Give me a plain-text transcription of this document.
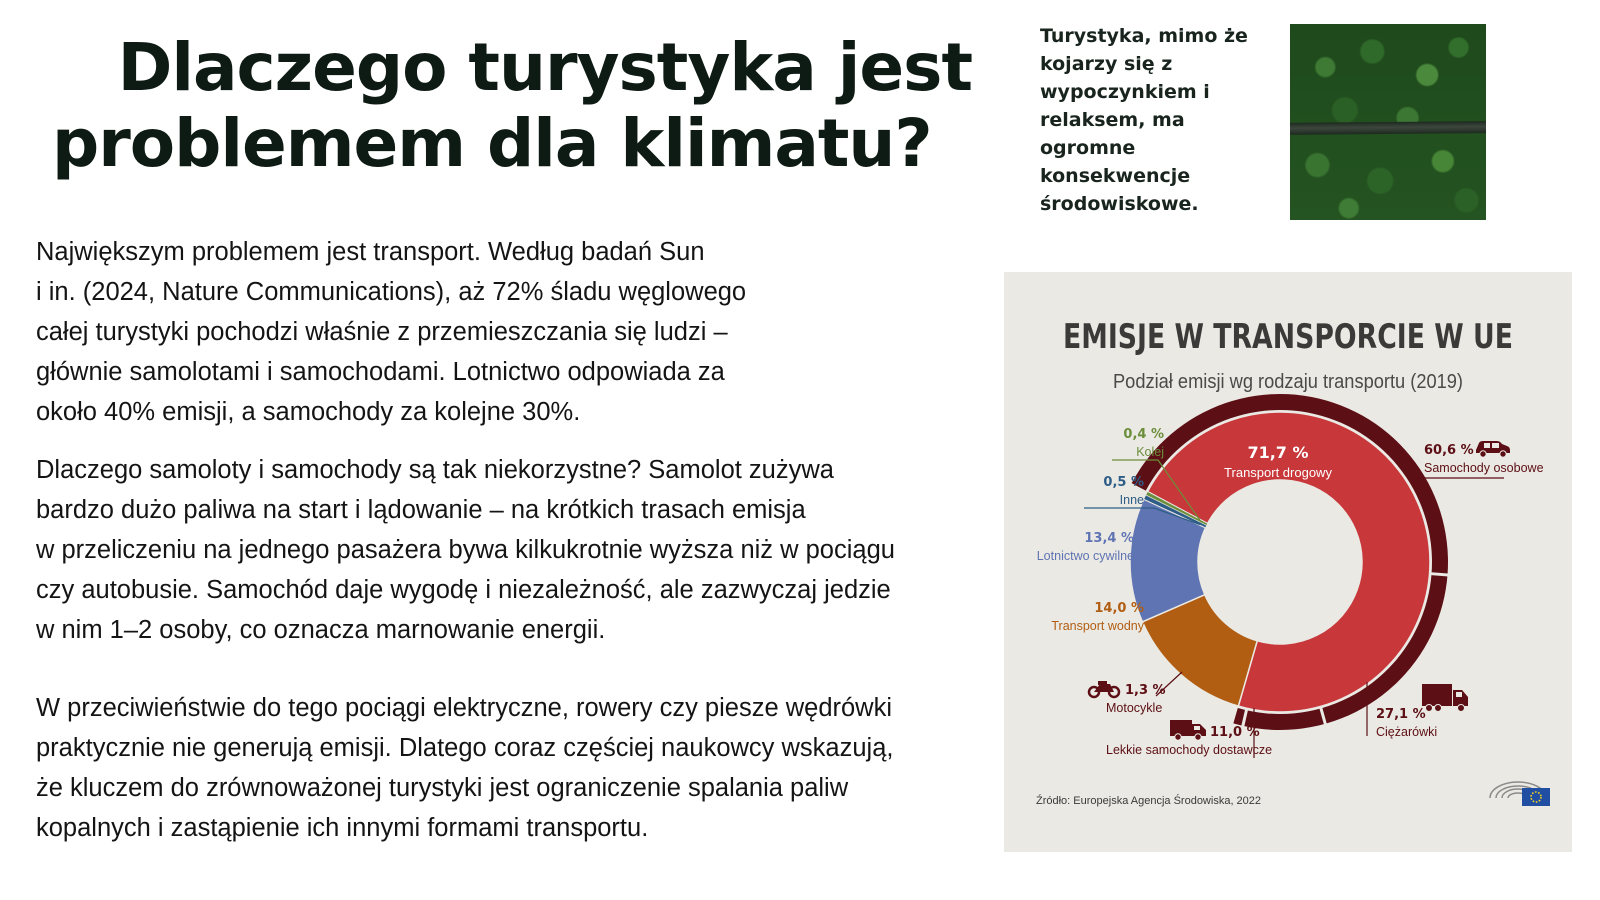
Dlaczego turystyka jest
problemem dla klimatu?
Turystyka, mimo że kojarzy się z wypoczynkiem i relaksem, ma ogromne konsekwencje środowiskowe.

Największym problemem jest transport. Według badań Sun
i in. (2024, Nature Communications), aż 72% śladu węglowego
całej turystyki pochodzi właśnie z przemieszczania się ludzi –
głównie samolotami i samochodami. Lotnictwo odpowiada za
około 40% emisji, a samochody za kolejne 30%.

Dlaczego samoloty i samochody są tak niekorzystne? Samolot zużywa
bardzo dużo paliwa na start i lądowanie – na krótkich trasach emisja
w przeliczeniu na jednego pasażera bywa kilkukrotnie wyższa niż w pociągu
czy autobusie. Samochód daje wygodę i niezależność, ale zazwyczaj jedzie
w nim 1–2 osoby, co oznacza marnowanie energii.

W przeciwieństwie do tego pociągi elektryczne, rowery czy piesze wędrówki
praktycznie nie generują emisji. Dlatego coraz częściej naukowcy wskazują,
że kluczem do zrównoważonej turystyki jest ograniczenie spalania paliw
kopalnych i zastąpienie ich innymi formami transportu.

EMISJE W TRANSPORCIE W UE
Podział emisji wg rodzaju transportu (2019)
71,7 %
Transport drogowy
0,4 %
Kolej
0,5 %
Inne
13,4 %
Lotnictwo cywilne
14,0 %
Transport wodny
60,6 %
Samochody osobowe
27,1 %
Ciężarówki
11,0 %
Lekkie samochody dostawcze
1,3 %
Motocykle
Źródło: Europejska Agencja Środowiska, 2022
